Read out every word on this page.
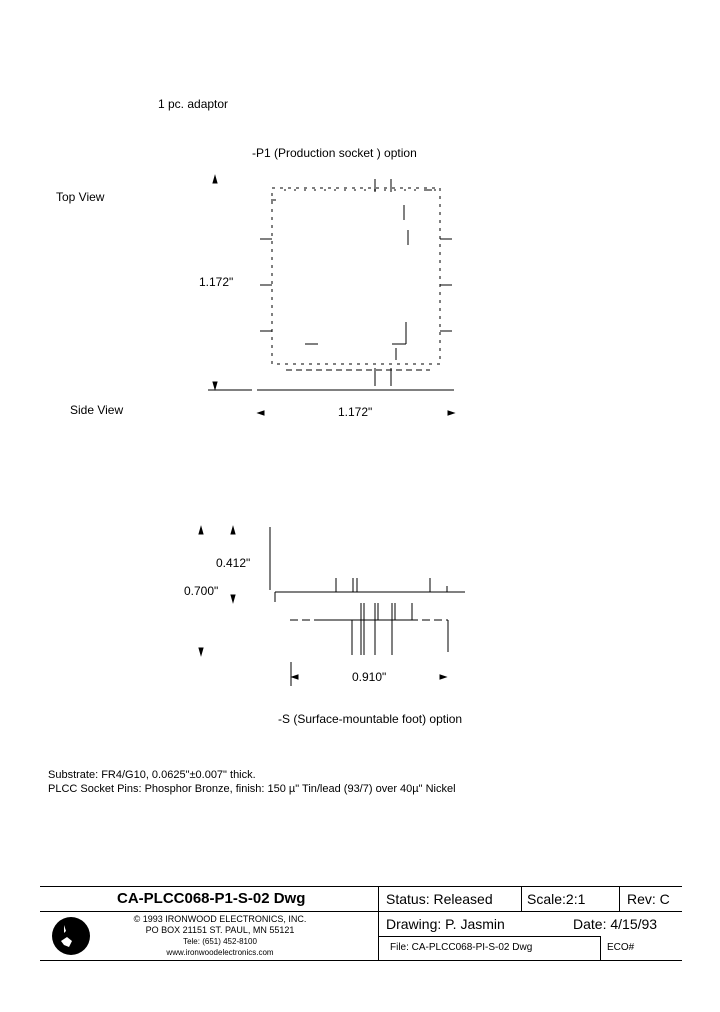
1 pc. adaptor
-P1 (Production socket ) option
Top View
1.172"
Side View	1.172"
0.412"
0.700"
0.910"
-S (Surface-mountable foot) option
Substrate: FR4/G10, 0.0625"±0.007" thick.
PLCC Socket Pins: Phosphor Bronze, finish: 150 µ" Tin/lead (93/7) over 40µ" Nickel
CA-PLCC068-P1-S-02 Dwg	Status: Released Scale:2:1	Rev: C
© 1993 IRONWOOD ELECTRONICS, INC.
PO BOX 21151 ST. PAUL, MN 55121
Tele: (651) 452-8100
www.ironwoodelectronics.com
Drawing: P. Jasmin	Date: 4/15/93
File: CA-PLCC068-PI-S-02 Dwg	ECO#
